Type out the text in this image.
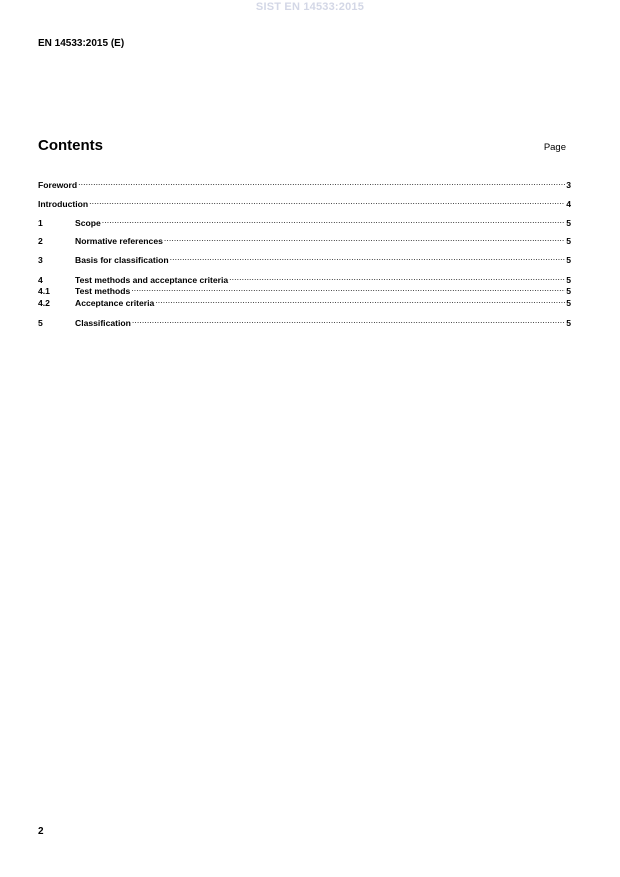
SIST EN 14533:2015
EN 14533:2015 (E)
Contents	Page
Foreword .....	3
Introduction .....	4
1	Scope .....	5
2	Normative references .....	5
3	Basis for classification .....	5
4	Test methods and acceptance criteria .....	5
4.1	Test methods .....	5
4.2	Acceptance criteria .....	5
5	Classification .....	5
2
